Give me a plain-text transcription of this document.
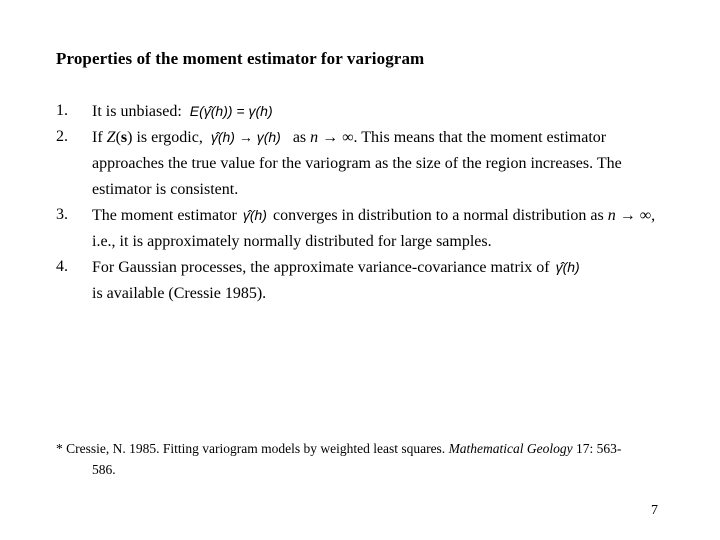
Properties of the moment estimator for variogram
1.	It is unbiased: E(γ̂(h)) = γ(h)
2.	If Z(s) is ergodic, γ̂(h) → γ(h) as n → ∞. This means that the moment estimator approaches the true value for the variogram as the size of the region increases. The estimator is consistent.
3.	The moment estimator γ̂(h) converges in distribution to a normal distribution as n → ∞, i.e., it is approximately normally distributed for large samples.
4.	For Gaussian processes, the approximate variance-covariance matrix of γ̂(h)
is available (Cressie 1985).
* Cressie, N. 1985. Fitting variogram models by weighted least squares. Mathematical Geology 17: 563-
586.
7
